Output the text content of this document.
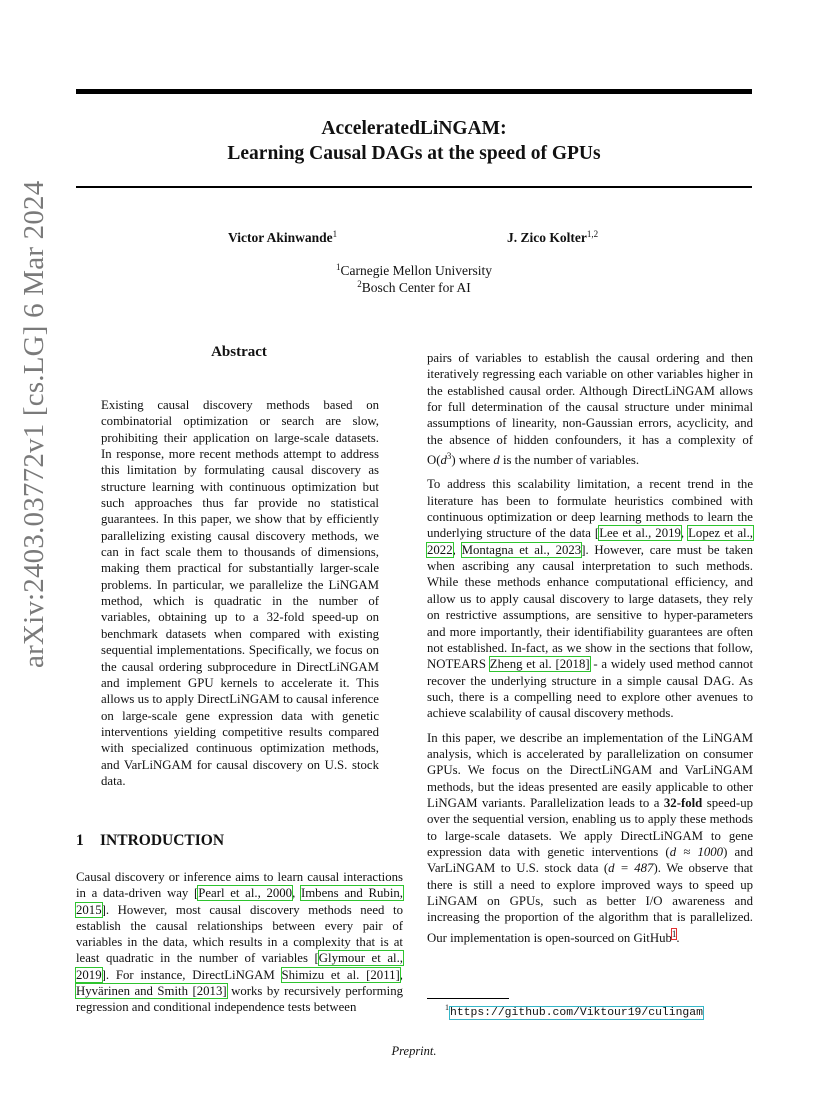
arXiv:2403.03772v1 [cs.LG] 6 Mar 2024
AcceleratedLiNGAM:
Learning Causal DAGs at the speed of GPUs
Victor Akinwande$^1$	J. Zico Kolter$^{1,2}$
$^1$Carnegie Mellon University
$^2$Bosch Center for AI
Abstract
Existing causal discovery methods based on combinatorial optimization or search are slow, prohibiting their application on large-scale datasets. In response, more recent methods attempt to address this limitation by formulating causal discovery as structure learning with continuous optimization but such approaches thus far provide no statistical guarantees. In this paper, we show that by efficiently parallelizing existing causal discovery methods, we can in fact scale them to thousands of dimensions, making them practical for substantially larger-scale problems. In particular, we parallelize the LiNGAM method, which is quadratic in the number of variables, obtaining up to a 32-fold speed-up on benchmark datasets when compared with existing sequential implementations. Specifically, we focus on the causal ordering subprocedure in DirectLiNGAM and implement GPU kernels to accelerate it. This allows us to apply DirectLiNGAM to causal inference on large-scale gene expression data with genetic interventions yielding competitive results compared with specialized continuous optimization methods, and VarLiNGAM for causal discovery on U.S. stock data.
1 INTRODUCTION
Causal discovery or inference aims to learn causal interactions in a data-driven way [Pearl et al., 2000, Imbens and Rubin, 2015]. However, most causal discovery methods need to establish the causal relationships between every pair of variables in the data, which results in a complexity that is at least quadratic in the number of variables [Glymour et al., 2019]. For instance, DirectLiNGAM Shimizu et al. [2011], Hyvärinen and Smith [2013] works by recursively performing regression and conditional independence tests between

pairs of variables to establish the causal ordering and then iteratively regressing each variable on other variables higher in the established causal order. Although DirectLiNGAM allows for full determination of the causal structure under minimal assumptions of linearity, non-Gaussian errors, acyclicity, and the absence of hidden confounders, it has a complexity of $O(d^3)$ where d is the number of variables.

To address this scalability limitation, a recent trend in the literature has been to formulate heuristics combined with continuous optimization or deep learning methods to learn the underlying structure of the data [Lee et al., 2019, Lopez et al., 2022, Montagna et al., 2023]. However, care must be taken when ascribing any causal interpretation to such methods. While these methods enhance computational efficiency, and allow us to apply causal discovery to large datasets, they rely on restrictive assumptions, are sensitive to hyper-parameters and more importantly, their identifiability guarantees are often not established. In-fact, as we show in the sections that follow, NOTEARS Zheng et al. [2018] - a widely used method cannot recover the underlying structure in a simple causal DAG. As such, there is a compelling need to explore other avenues to achieve scalability of causal discovery methods.

In this paper, we describe an implementation of the LiNGAM analysis, which is accelerated by parallelization on consumer GPUs. We focus on the DirectLiNGAM and VarLiNGAM methods, but the ideas presented are easily applicable to other LiNGAM variants. Parallelization leads to a 32-fold speed-up over the sequential version, enabling us to apply these methods to large-scale datasets. We apply DirectLiNGAM to gene expression data with genetic interventions (d ≈ 1000) and VarLiNGAM to U.S. stock data (d = 487). We observe that there is still a need to explore improved ways to speed up LiNGAM on GPUs, such as better I/O awareness and increasing the proportion of the algorithm that is parallelized. Our implementation is open-sourced on GitHub$^1$.

$^1$https://github.com/Viktour19/culingam
Preprint.
